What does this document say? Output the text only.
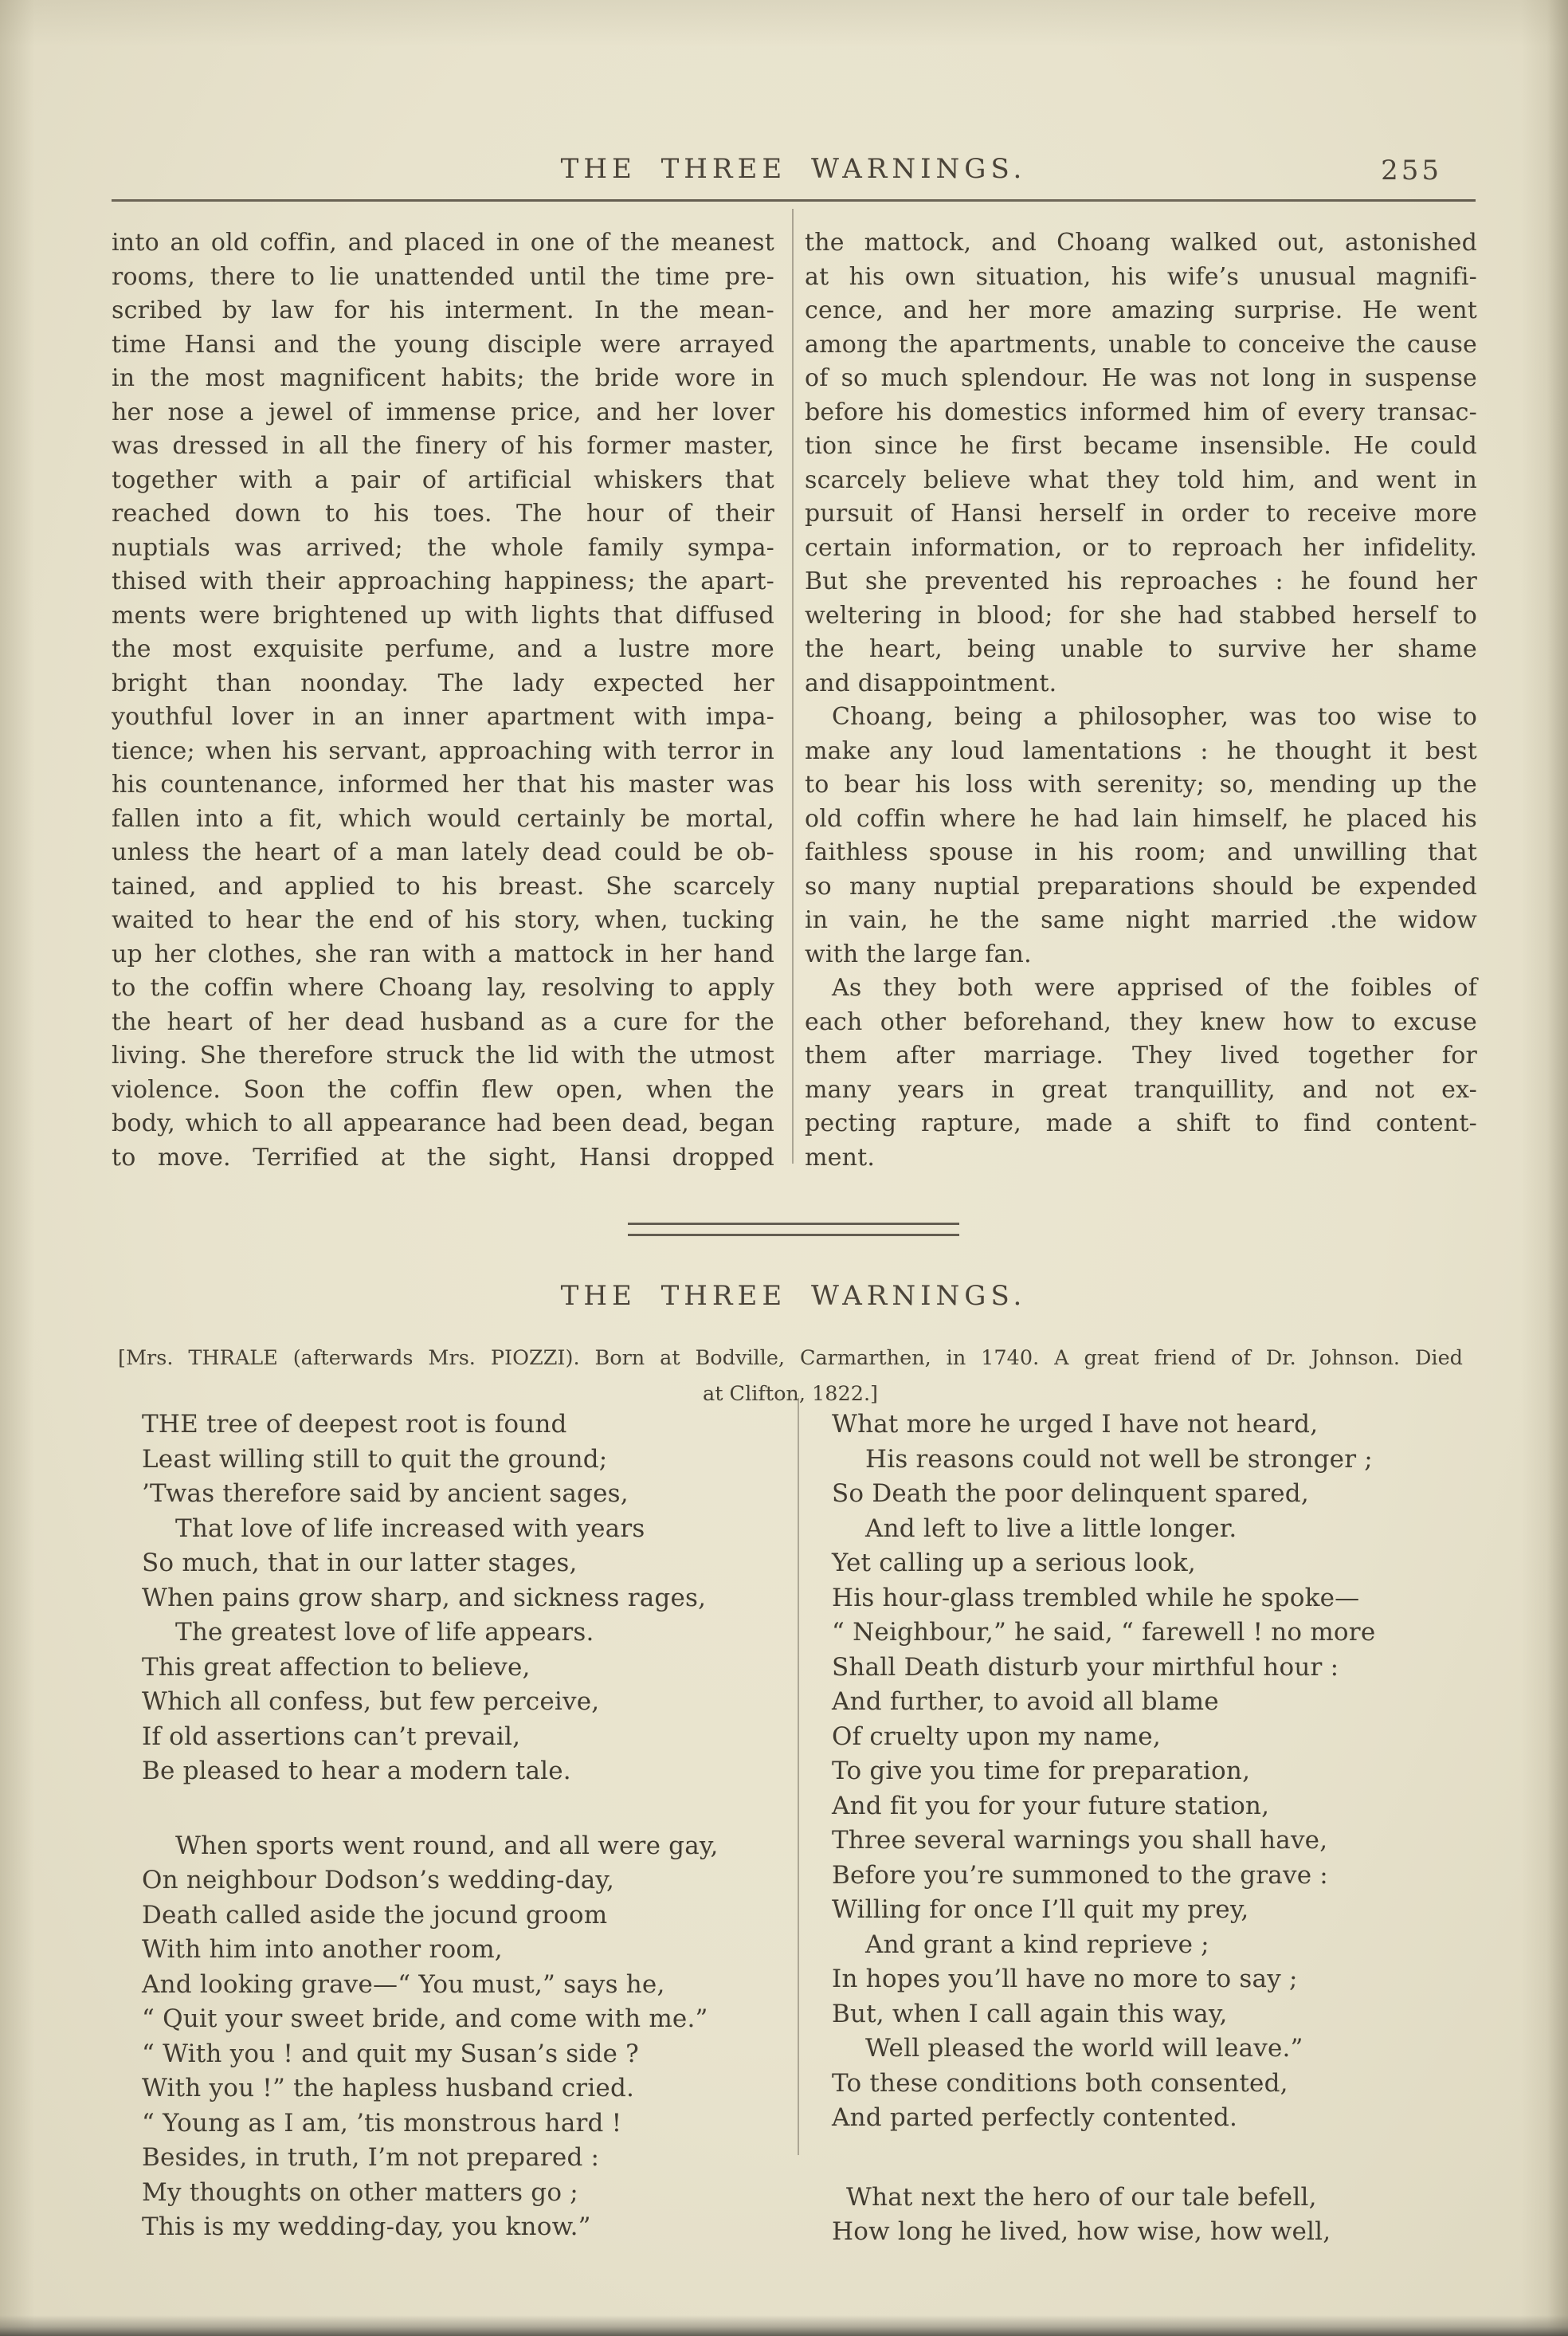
THE THREE WARNINGS.	255
into an old coffin, and placed in one of the meanest
rooms, there to lie unattended until the time pre-
scribed by law for his interment. In the mean-
time Hansi and the young disciple were arrayed
in the most magnificent habits; the bride wore in
her nose a jewel of immense price, and her lover
was dressed in all the finery of his former master,
together with a pair of artificial whiskers that
reached down to his toes. The hour of their
nuptials was arrived; the whole family sympa-
thised with their approaching happiness; the apart-
ments were brightened up with lights that diffused
the most exquisite perfume, and a lustre more
bright than noonday. The lady expected her
youthful lover in an inner apartment with impa-
tience; when his servant, approaching with terror in
his countenance, informed her that his master was
fallen into a fit, which would certainly be mortal,
unless the heart of a man lately dead could be ob-
tained, and applied to his breast. She scarcely
waited to hear the end of his story, when, tucking
up her clothes, she ran with a mattock in her hand
to the coffin where Choang lay, resolving to apply
the heart of her dead husband as a cure for the
living. She therefore struck the lid with the utmost
violence. Soon the coffin flew open, when the
body, which to all appearance had been dead, began
to move. Terrified at the sight, Hansi dropped
the mattock, and Choang walked out, astonished
at his own situation, his wife’s unusual magnifi-
cence, and her more amazing surprise. He went
among the apartments, unable to conceive the cause
of so much splendour. He was not long in suspense
before his domestics informed him of every transac-
tion since he first became insensible. He could
scarcely believe what they told him, and went in
pursuit of Hansi herself in order to receive more
certain information, or to reproach her infidelity.
But she prevented his reproaches : he found her
weltering in blood; for she had stabbed herself to
the heart, being unable to survive her shame
and disappointment.
Choang, being a philosopher, was too wise to
make any loud lamentations : he thought it best
to bear his loss with serenity; so, mending up the
old coffin where he had lain himself, he placed his
faithless spouse in his room; and unwilling that
so many nuptial preparations should be expended
in vain, he the same night married .the widow
with the large fan.
As they both were apprised of the foibles of
each other beforehand, they knew how to excuse
them after marriage. They lived together for
many years in great tranquillity, and not ex-
pecting rapture, made a shift to find content-
ment.
THE THREE WARNINGS.
[Mrs. THRALE (afterwards Mrs. PIOZZI). Born at Bodville, Carmarthen, in 1740. A great friend of Dr. Johnson. Died
at Clifton, 1822.]
THE tree of deepest root is found
Least willing still to quit the ground;
’Twas therefore said by ancient sages,
That love of life increased with years
So much, that in our latter stages,
When pains grow sharp, and sickness rages,
The greatest love of life appears.
This great affection to believe,
Which all confess, but few perceive,
If old assertions can’t prevail,
Be pleased to hear a modern tale.
When sports went round, and all were gay,
On neighbour Dodson’s wedding-day,
Death called aside the jocund groom
With him into another room,
And looking grave—“ You must,” says he,
“ Quit your sweet bride, and come with me.”
“ With you ! and quit my Susan’s side ?
With you !” the hapless husband cried.
“ Young as I am, ’tis monstrous hard !
Besides, in truth, I’m not prepared :
My thoughts on other matters go ;
This is my wedding-day, you know.”
What more he urged I have not heard,
His reasons could not well be stronger ;
So Death the poor delinquent spared,
And left to live a little longer.
Yet calling up a serious look,
His hour-glass trembled while he spoke—
“ Neighbour,” he said, “ farewell ! no more
Shall Death disturb your mirthful hour :
And further, to avoid all blame
Of cruelty upon my name,
To give you time for preparation,
And fit you for your future station,
Three several warnings you shall have,
Before you’re summoned to the grave :
Willing for once I’ll quit my prey,
And grant a kind reprieve ;
In hopes you’ll have no more to say ;
But, when I call again this way,
Well pleased the world will leave.”
To these conditions both consented,
And parted perfectly contented.
What next the hero of our tale befell,
How long he lived, how wise, how well,
